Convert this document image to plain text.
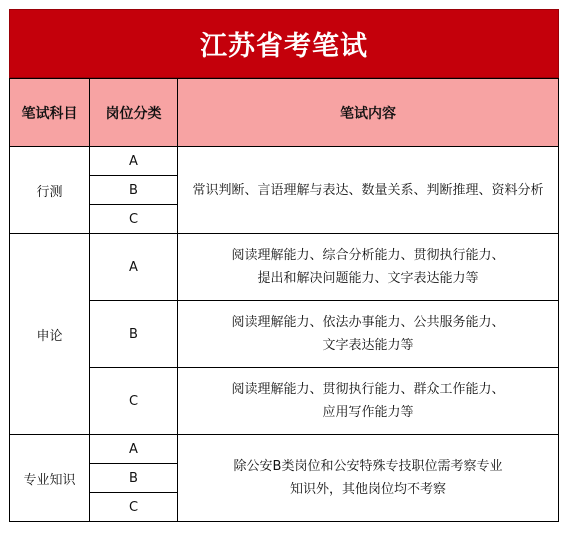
江苏省考笔试
笔试科目	岗位分类	笔试内容
行测	A	常识判断、言语理解与表达、数量关系、判断推理、资料分析
	B	
	C	
申论	A	阅读理解能力、综合分析能力、贯彻执行能力、
提出和解决问题能力、文字表达能力等

	B	阅读理解能力、依法办事能力、公共服务能力、
文字表达能力等

	C	阅读理解能力、贯彻执行能力、群众工作能力、
应用写作能力等

专业知识	A	除公安B类岗位和公安特殊专技职位需考察专业
知识外，其他岗位均不考察

	B	
	C	
